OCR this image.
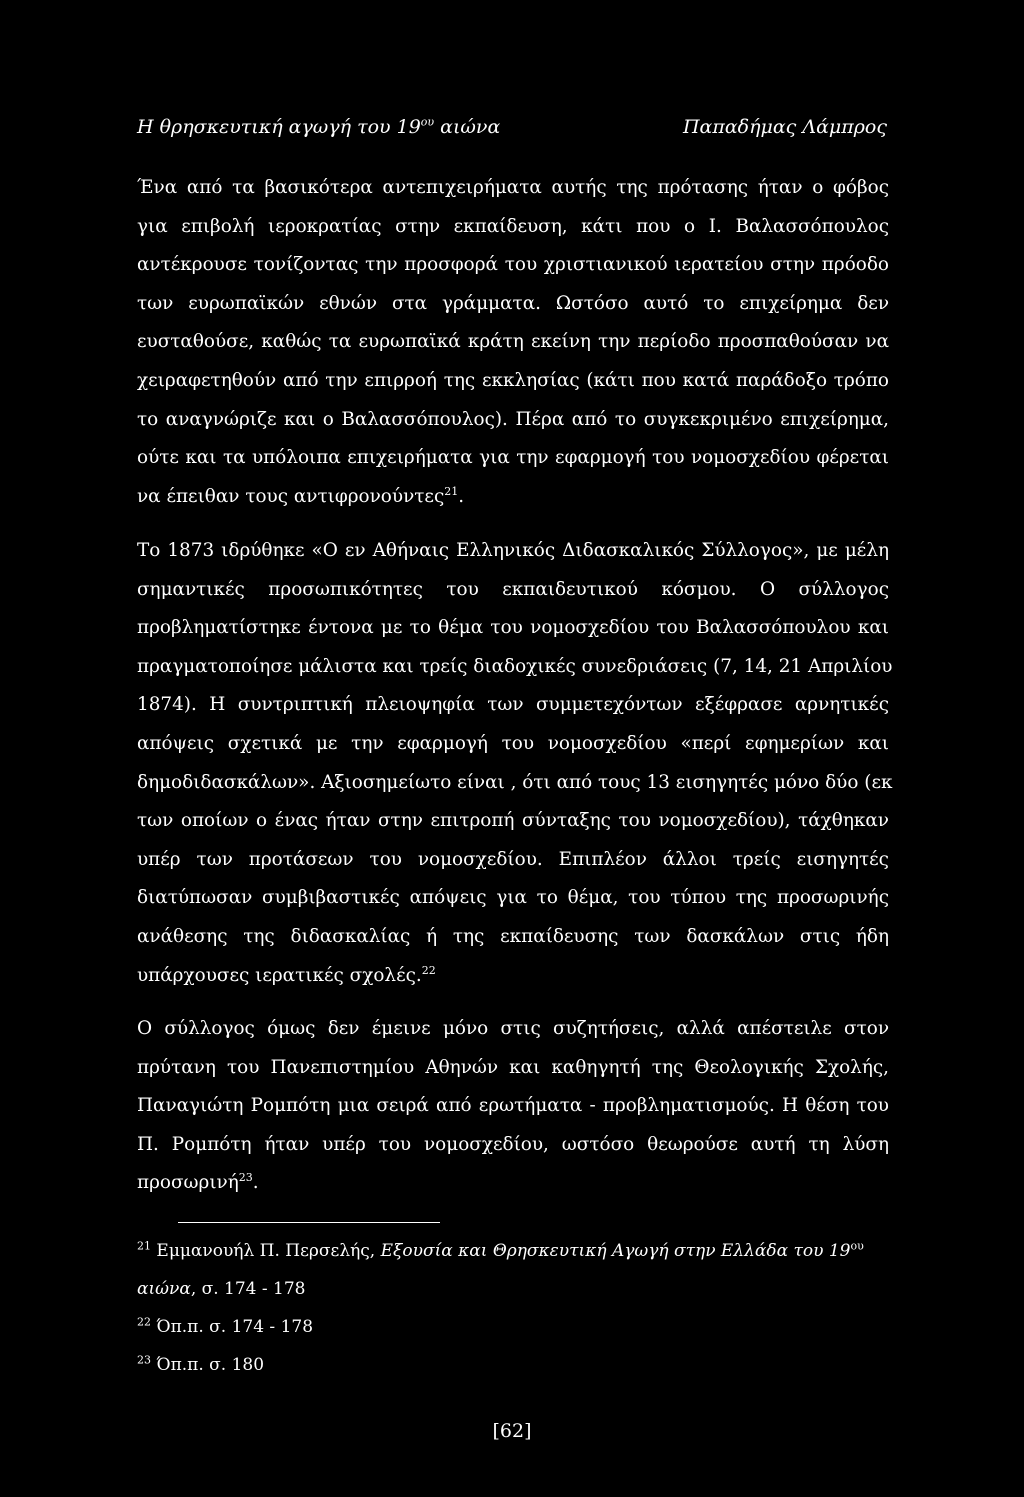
Η θρησκευτική αγωγή του $19^{o\upsilon}$ αιώνα	Παπαδήμας Λάμπρος
Ένα από τα βασικότερα αντεπιχειρήματα αυτής της πρότασης ήταν ο φόβος
για επιβολή ιεροκρατίας στην εκπαίδευση, κάτι που ο Ι. Βαλασσόπουλος
αντέκρουσε τονίζοντας την προσφορά του χριστιανικού ιερατείου στην πρόοδο
των ευρωπαϊκών εθνών στα γράμματα. Ωστόσο αυτό το επιχείρημα δεν
ευσταθούσε, καθώς τα ευρωπαϊκά κράτη εκείνη την περίοδο προσπαθούσαν να
χειραφετηθούν από την επιρροή της εκκλησίας (κάτι που κατά παράδοξο τρόπο
το αναγνώριζε και ο Βαλασσόπουλος). Πέρα από το συγκεκριμένο επιχείρημα,
ούτε και τα υπόλοιπα επιχειρήματα για την εφαρμογή του νομοσχεδίου φέρεται
να έπειθαν τους αντιφρονούντες$^{21}$.
Το 1873 ιδρύθηκε «Ο εν Αθήναις Ελληνικός Διδασκαλικός Σύλλογος», με μέλη
σημαντικές προσωπικότητες του εκπαιδευτικού κόσμου. Ο σύλλογος
προβληματίστηκε έντονα με το θέμα του νομοσχεδίου του Βαλασσόπουλου και
πραγματοποίησε μάλιστα και τρείς διαδοχικές συνεδριάσεις (7, 14, 21 Απριλίου
1874). Η συντριπτική πλειοψηφία των συμμετεχόντων εξέφρασε αρνητικές
απόψεις σχετικά με την εφαρμογή του νομοσχεδίου «περί εφημερίων και
δημοδιδασκάλων». Αξιοσημείωτο είναι , ότι από τους 13 εισηγητές μόνο δύο (εκ
των οποίων ο ένας ήταν στην επιτροπή σύνταξης του νομοσχεδίου), τάχθηκαν
υπέρ των προτάσεων του νομοσχεδίου. Επιπλέον άλλοι τρείς εισηγητές
διατύπωσαν συμβιβαστικές απόψεις για το θέμα, του τύπου της προσωρινής
ανάθεσης της διδασκαλίας ή της εκπαίδευσης των δασκάλων στις ήδη
υπάρχουσες ιερατικές σχολές.$^{22}$
Ο σύλλογος όμως δεν έμεινε μόνο στις συζητήσεις, αλλά απέστειλε στον
πρύτανη του Πανεπιστημίου Αθηνών και καθηγητή της Θεολογικής Σχολής,
Παναγιώτη Ρομπότη μια σειρά από ερωτήματα - προβληματισμούς. Η θέση του
Π. Ρομπότη ήταν υπέρ του νομοσχεδίου, ωστόσο θεωρούσε αυτή τη λύση
προσωρινή$^{23}$.
$^{21}$ Εμμανουήλ Π. Περσελής, Εξουσία και Θρησκευτική Αγωγή στην Ελλάδα του $19^{o\upsilon}$
αιώνα, σ. 174 - 178
$^{22}$ Όπ.π. σ. 174 - 178
$^{23}$ Όπ.π. σ. 180
[62]
